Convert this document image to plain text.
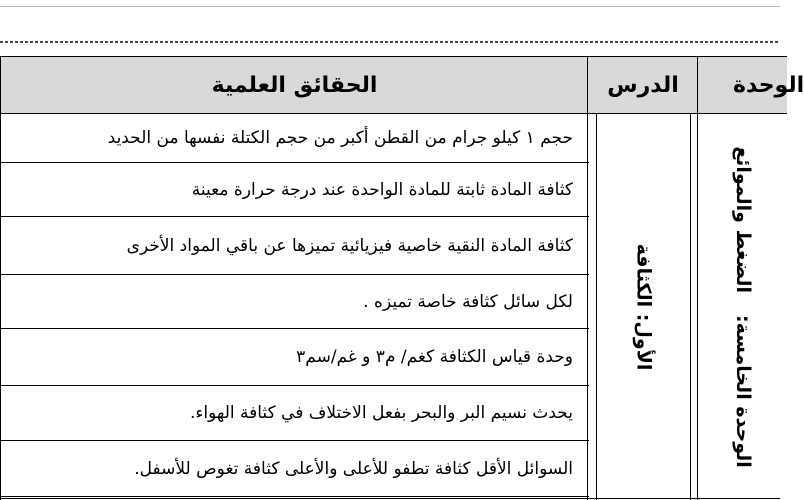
الحقائق العلمية	الدرس	الوحدة
حجم ١ كيلو جرام من القطن أكبر من حجم الكتلة نفسها من الحديد
كثافة المادة ثابتة للمادة الواحدة عند درجة حرارة معينة
كثافة المادة النقية خاصية فيزيائية تميزها عن باقي المواد الأخرى
لكل سائل كثافة خاصة تميزه .
وحدة قياس الكثافة كغم/ م٣ و غم/سم٣
يحدث نسيم البر والبحر بفعل الاختلاف في كثافة الهواء.
السوائل الأقل كثافة تطفو للأعلى والأعلى كثافة تغوص للأسفل.
الأول: الكثافة
الوحدة الخامسة:الضغط والموائع
